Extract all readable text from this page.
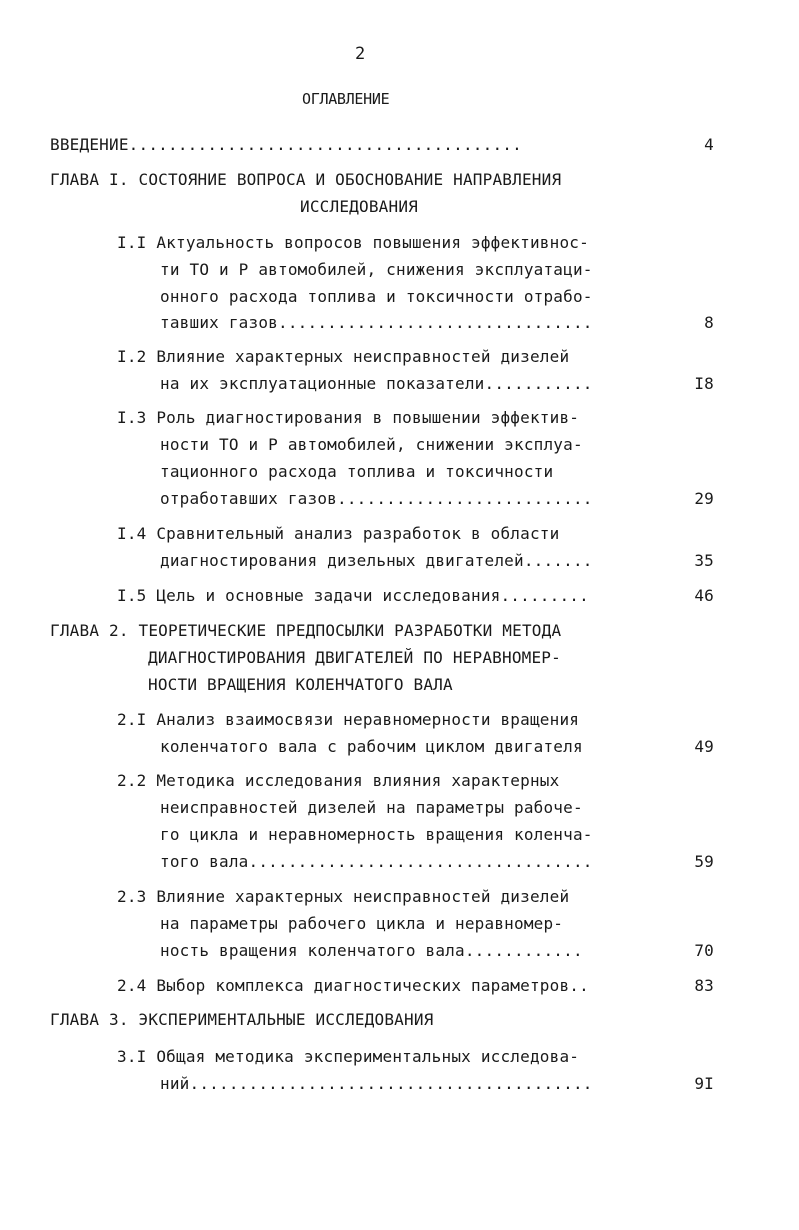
2
ОГЛАВЛЕНИЕ
ВВЕДЕНИЕ........................................	4
ГЛАВА I. СОСТОЯНИЕ ВОПРОСА И ОБОСНОВАНИЕ НАПРАВЛЕНИЯ
ИССЛЕДОВАНИЯ
I.I Актуальность вопросов повышения эффективнос-
ти ТО и Р автомобилей, снижения эксплуатаци-
онного расхода топлива и токсичности отрабо-
тавших газов................................	8
I.2 Влияние характерных неисправностей дизелей
на их эксплуатационные показатели...........	I8
I.3 Роль диагностирования в повышении эффектив-
ности ТО и Р автомобилей, снижении эксплуа-
тационного расхода топлива и токсичности
отработавших газов..........................	29
I.4 Сравнительный анализ разработок в области
диагностирования дизельных двигателей.......	35
I.5 Цель и основные задачи исследования.........	46
ГЛАВА 2. ТЕОРЕТИЧЕСКИЕ ПРЕДПОСЫЛКИ РАЗРАБОТКИ МЕТОДА
ДИАГНОСТИРОВАНИЯ ДВИГАТЕЛЕЙ ПО НЕРАВНОМЕР-
НОСТИ ВРАЩЕНИЯ КОЛЕНЧАТОГО ВАЛА
2.I Анализ взаимосвязи неравномерности вращения
коленчатого вала с рабочим циклом двигателя	49
2.2 Методика исследования влияния характерных
неисправностей дизелей на параметры рабоче-
го цикла и неравномерность вращения коленча-
того вала...................................	59
2.3 Влияние характерных неисправностей дизелей
на параметры рабочего цикла и неравномер-
ность вращения коленчатого вала............	70
2.4 Выбор комплекса диагностических параметров..	83
ГЛАВА 3. ЭКСПЕРИМЕНТАЛЬНЫЕ ИССЛЕДОВАНИЯ
3.I Общая методика экспериментальных исследова-
ний.........................................	9I
